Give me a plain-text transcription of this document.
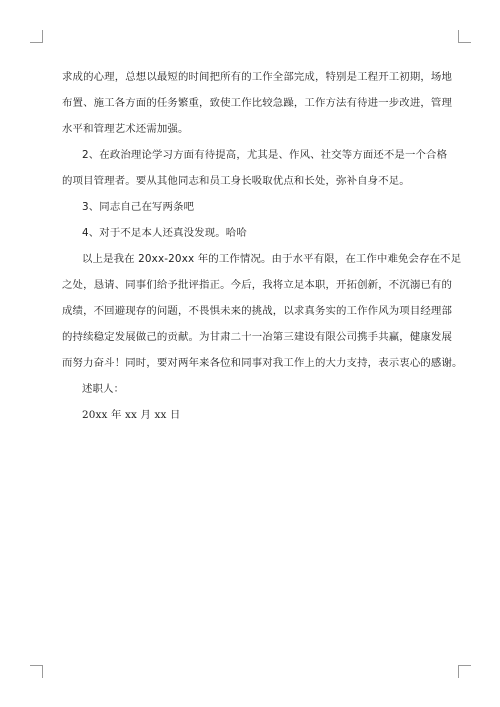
求成的心理，总想以最短的时间把所有的工作全部完成，特别是工程开工初期，场地

布置、施工各方面的任务繁重，致使工作比较急躁，工作方法有待进一步改进，管理

水平和管理艺术还需加强。

2、在政治理论学习方面有待提高，尤其是、作风、社交等方面还不是一个合格

的项目管理者。要从其他同志和员工身长吸取优点和长处，弥补自身不足。

3、同志自己在写两条吧

4、对于不足本人还真没发现。哈哈

以上是我在 20xx-20xx 年的工作情况。由于水平有限，在工作中难免会存在不足

之处，恳请、同事们给予批评指正。今后，我将立足本职，开拓创新，不沉溺已有的

成绩，不回避现存的问题，不畏惧未来的挑战，以求真务实的工作作风为项目经理部

的持续稳定发展做己的贡献。为甘肃二十一冶第三建设有限公司携手共赢，健康发展

而努力奋斗！同时，要对两年来各位和同事对我工作上的大力支持，表示衷心的感谢。

述职人：

20xx 年 xx 月 xx 日
